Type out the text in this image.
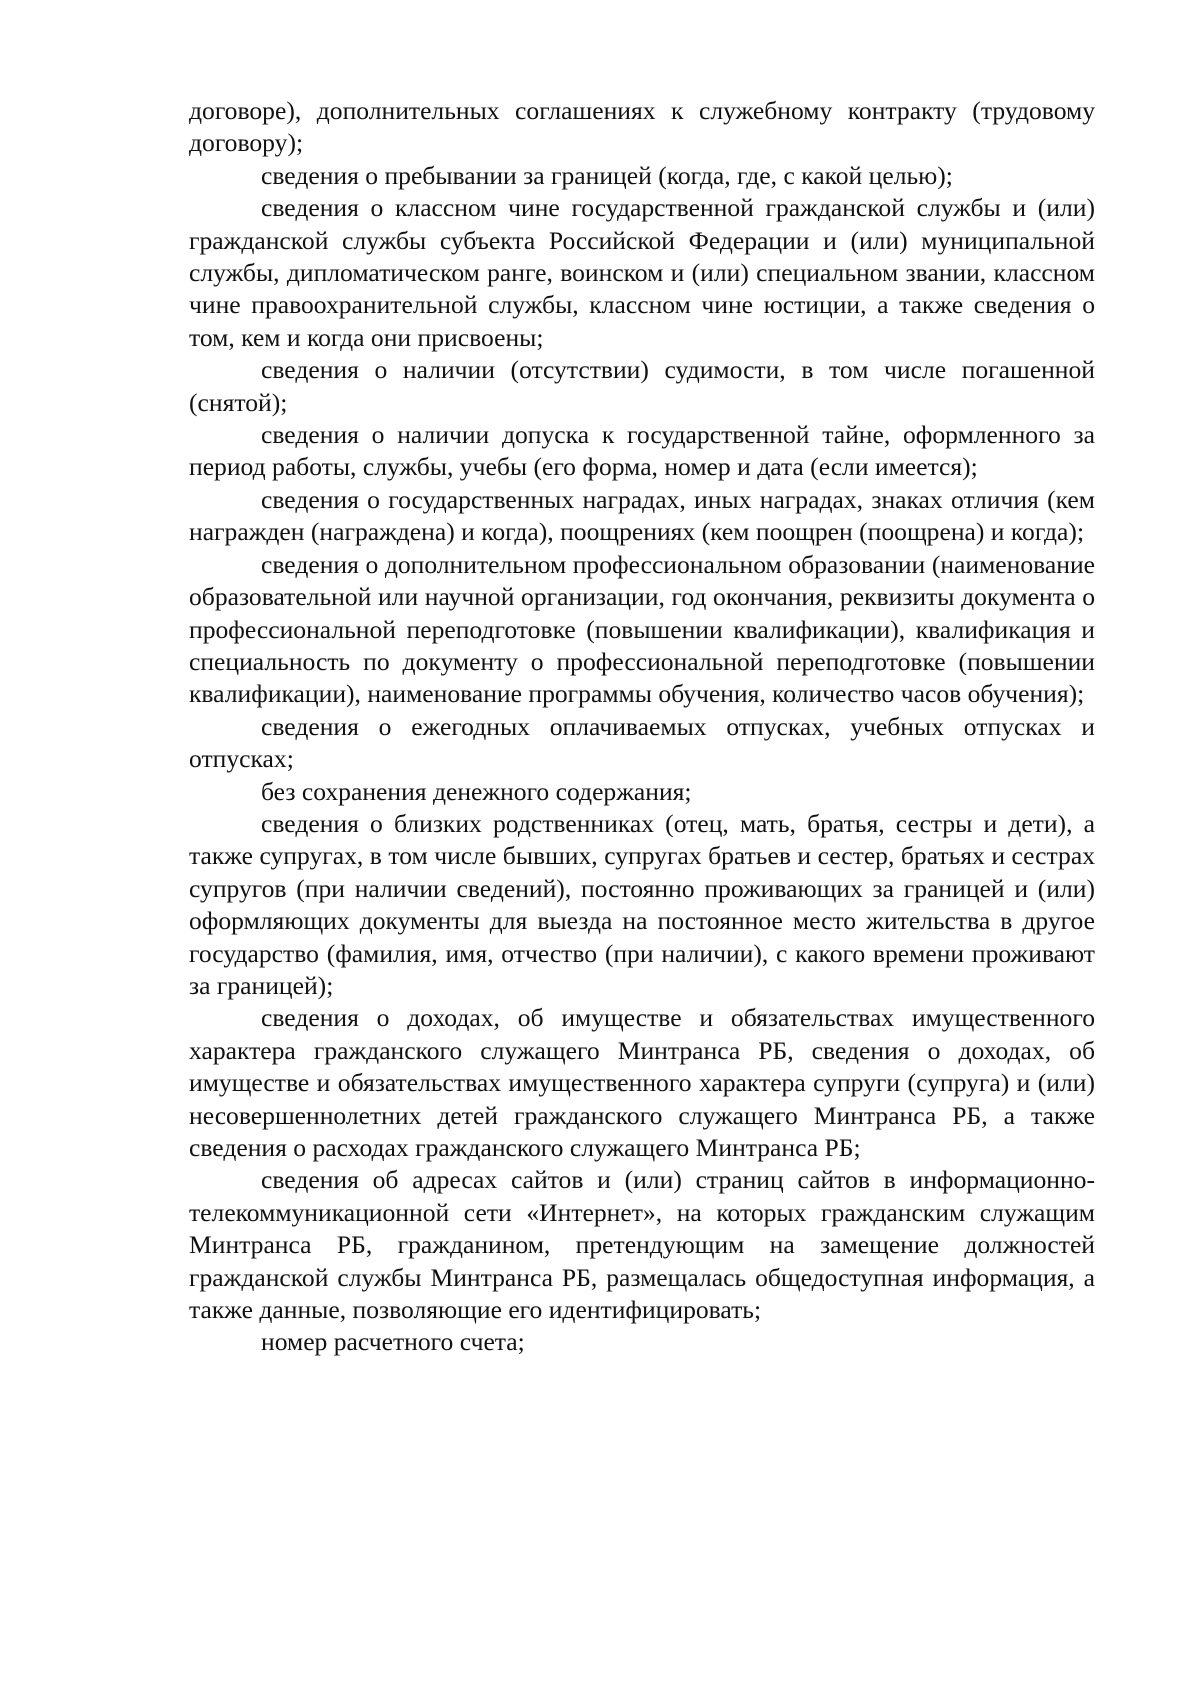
договоре), дополнительных соглашениях к служебному контракту (трудовому договору);

сведения о пребывании за границей (когда, где, с какой целью);

сведения о классном чине государственной гражданской службы и (или) гражданской службы субъекта Российской Федерации и (или) муниципальной службы, дипломатическом ранге, воинском и (или) специальном звании, классном чине правоохранительной службы, классном чине юстиции, а также сведения о том, кем и когда они присвоены;

сведения о наличии (отсутствии) судимости, в том числе погашенной (снятой);

сведения о наличии допуска к государственной тайне, оформленного за период работы, службы, учебы (его форма, номер и дата (если имеется);

сведения о государственных наградах, иных наградах, знаках отличия (кем награжден (награждена) и когда), поощрениях (кем поощрен (поощрена) и когда);

сведения о дополнительном профессиональном образовании (наименование образовательной или научной организации, год окончания, реквизиты документа о профессиональной переподготовке (повышении квалификации), квалификация и специальность по документу о профессиональной переподготовке (повышении квалификации), наименование программы обучения, количество часов обучения);

сведения о ежегодных оплачиваемых отпусках, учебных отпусках и отпусках;

без сохранения денежного содержания;

сведения о близких родственниках (отец, мать, братья, сестры и дети), а также супругах, в том числе бывших, супругах братьев и сестер, братьях и сестрах супругов (при наличии сведений), постоянно проживающих за границей и (или) оформляющих документы для выезда на постоянное место жительства в другое государство (фамилия, имя, отчество (при наличии), с какого времени проживают за границей);

сведения о доходах, об имуществе и обязательствах имущественного характера гражданского служащего Минтранса РБ, сведения о доходах, об имуществе и обязательствах имущественного характера супруги (супруга) и (или) несовершеннолетних детей гражданского служащего Минтранса РБ, а также сведения о расходах гражданского служащего Минтранса РБ;

сведения об адресах сайтов и (или) страниц сайтов в информационно-телекоммуникационной сети «Интернет», на которых гражданским служащим Минтранса РБ, гражданином, претендующим на замещение должностей гражданской службы Минтранса РБ, размещалась общедоступная информация, а также данные, позволяющие его идентифицировать;

номер расчетного счета;
